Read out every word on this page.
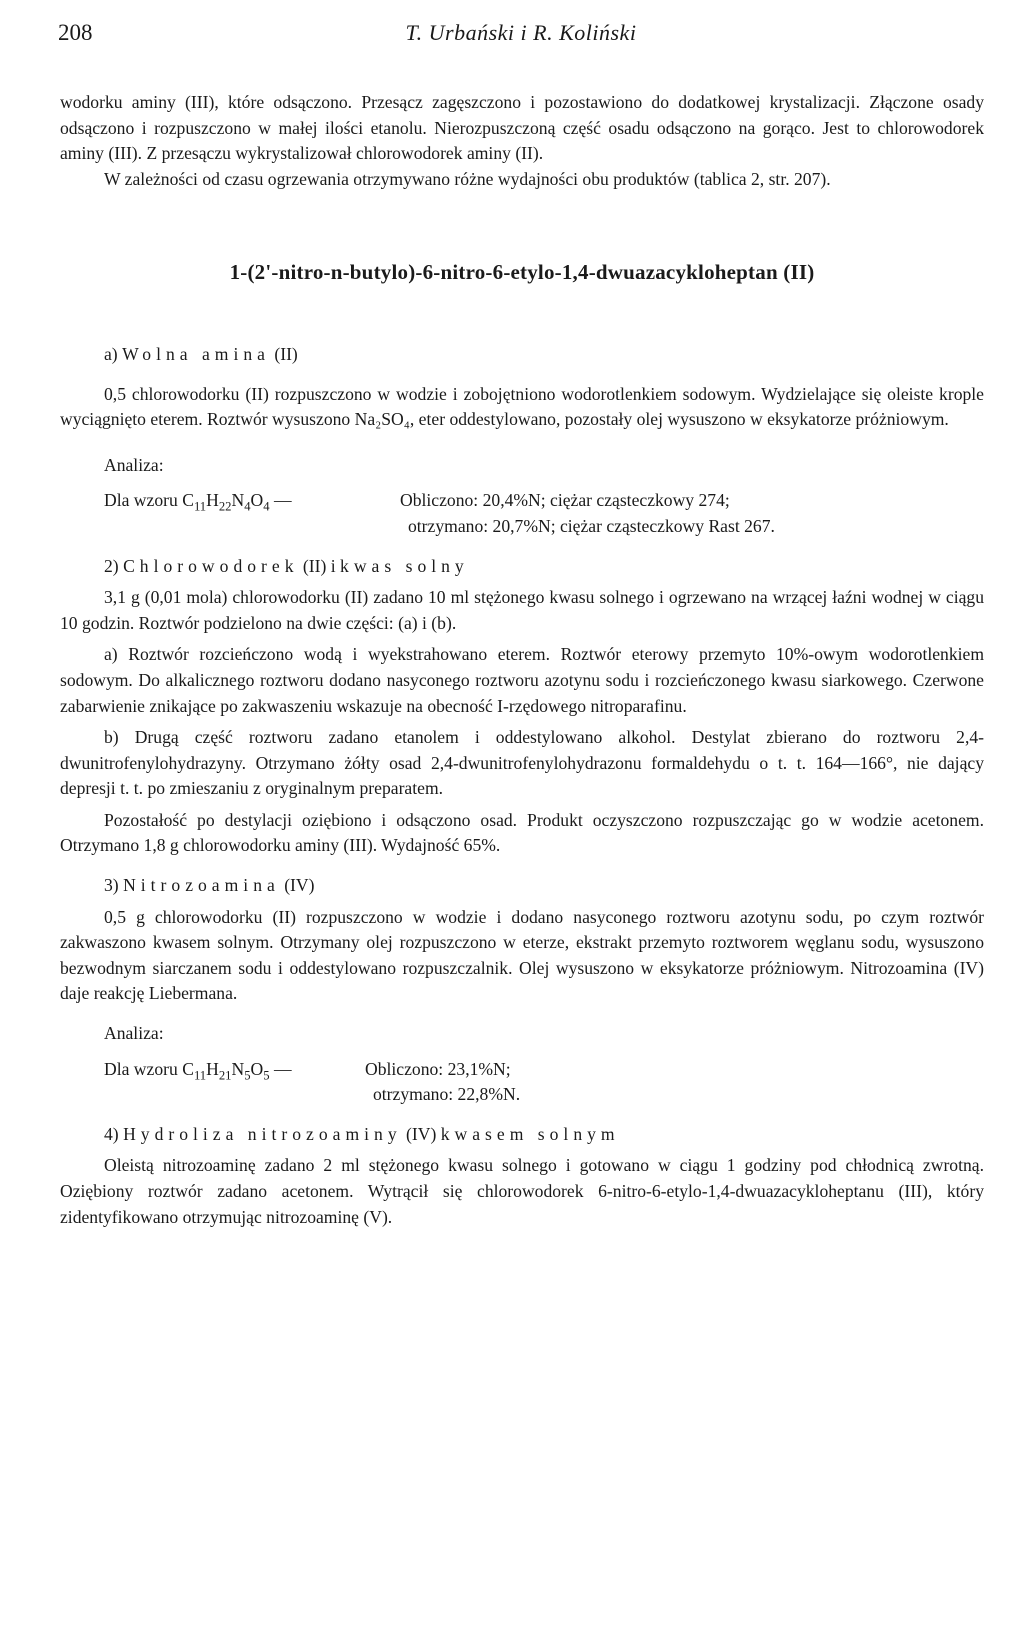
208	T. Urbański i R. Koliński

wodorku aminy (III), które odsączono. Przesącz zagęszczono i pozostawiono do dodatkowej krystalizacji. Złączone osady odsączono i rozpuszczono w małej ilości etanolu. Nierozpuszczoną część osadu odsączono na gorąco. Jest to chlorowodorek aminy (III). Z przesączu wykrystalizował chlorowodorek aminy (II).

W zależności od czasu ogrzewania otrzymywano różne wydajności obu produktów (tablica 2, str. 207).

1-(2'-nitro-n-butylo)-6-nitro-6-etylo-1,4-dwuazacykloheptan (II)

a) Wolna amina (II)

0,5 chlorowodorku (II) rozpuszczono w wodzie i zobojętniono wodorotlenkiem sodowym. Wydzielające się oleiste krople wyciągnięto eterem. Roztwór wysuszono Na₂SO₄, eter oddestylowano, pozostały olej wysuszono w eksykatorze próżniowym.

Analiza:

Dla wzoru $C_{11}H_{22}N_4O_4$ —	Obliczono: 20,4%N; ciężar cząsteczkowy 274;
otrzymano: 20,7%N; ciężar cząsteczkowy Rast 267.

2) Chlorowodorek (II) i kwas solny

3,1 g (0,01 mola) chlorowodorku (II) zadano 10 ml stężonego kwasu solnego i ogrzewano na wrzącej łaźni wodnej w ciągu 10 godzin. Roztwór podzielono na dwie części: (a) i (b).

a) Roztwór rozcieńczono wodą i wyekstrahowano eterem. Roztwór eterowy przemyto 10%-owym wodorotlenkiem sodowym. Do alkalicznego roztworu dodano nasyconego roztworu azotynu sodu i rozcieńczonego kwasu siarkowego. Czerwone zabarwienie znikające po zakwaszeniu wskazuje na obecność I-rzędowego nitroparafinu.

b) Drugą część roztworu zadano etanolem i oddestylowano alkohol. Destylat zbierano do roztworu 2,4-dwunitrofenylohydrazyny. Otrzymano żółty osad 2,4-dwunitrofenylohydrazonu formaldehydu o t. t. 164—166°, nie dający depresji t. t. po zmieszaniu z oryginalnym preparatem.

Pozostałość po destylacji oziębiono i odsączono osad. Produkt oczyszczono rozpuszczając go w wodzie acetonem. Otrzymano 1,8 g chlorowodorku aminy (III). Wydajność 65%.

3) Nitrozoamina (IV)

0,5 g chlorowodorku (II) rozpuszczono w wodzie i dodano nasyconego roztworu azotynu sodu, po czym roztwór zakwaszono kwasem solnym. Otrzymany olej rozpuszczono w eterze, ekstrakt przemyto roztworem węglanu sodu, wysuszono bezwodnym siarczanem sodu i oddestylowano rozpuszczalnik. Olej wysuszono w eksykatorze próżniowym. Nitrozoamina (IV) daje reakcję Liebermana.

Analiza:

Dla wzoru $C_{11}H_{21}N_5O_5$ —	Obliczono: 23,1%N;
otrzymano: 22,8%N.

4) Hydroliza nitrozoaminy (IV) kwasem solnym

Oleistą nitrozoaminę zadano 2 ml stężonego kwasu solnego i gotowano w ciągu 1 godziny pod chłodnicą zwrotną. Oziębiony roztwór zadano acetonem. Wytrącił się chlorowodorek 6-nitro-6-etylo-1,4-dwuazacykloheptanu (III), który zidentyfikowano otrzymując nitrozoaminę (V).
